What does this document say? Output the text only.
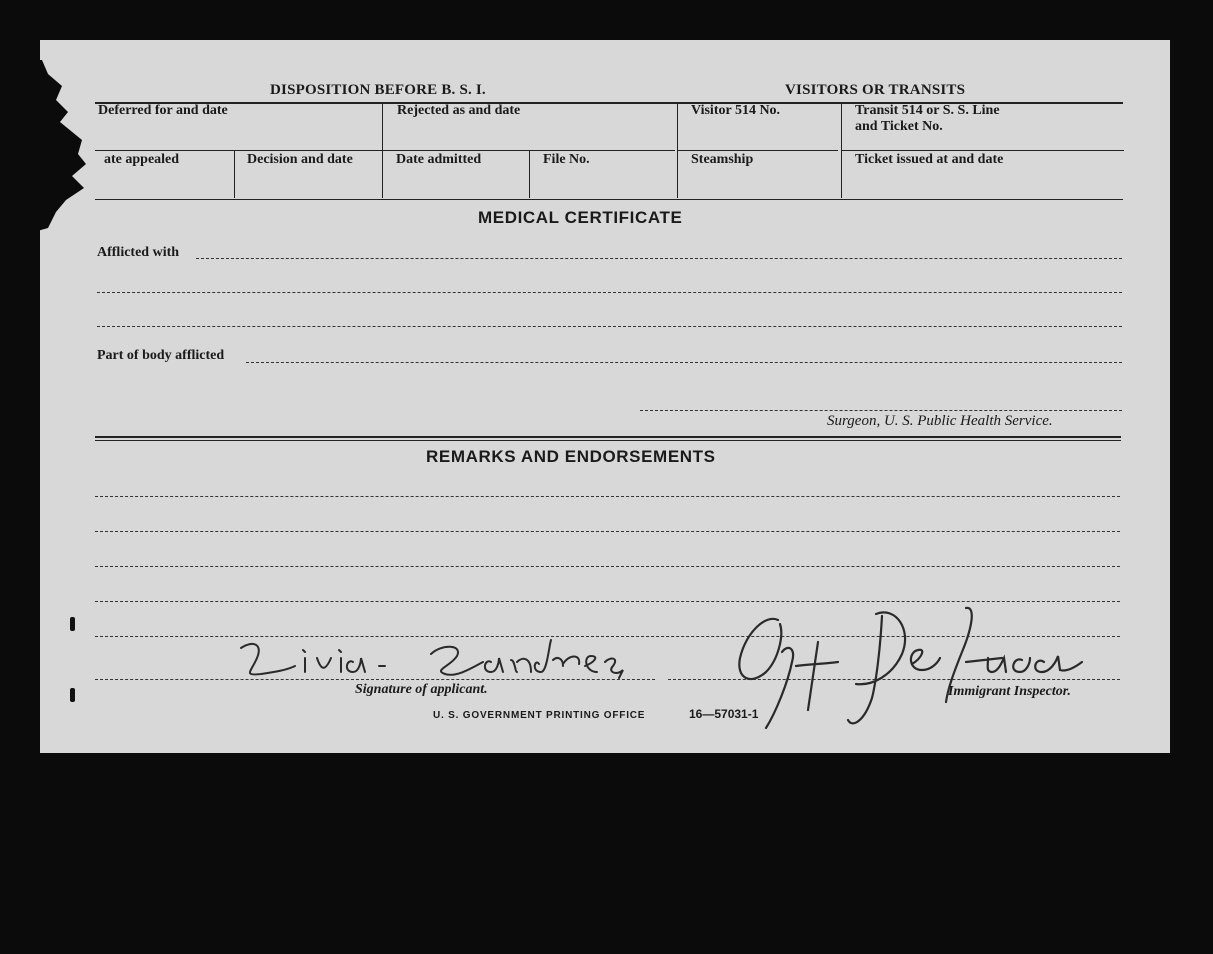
DISPOSITION BEFORE B. S. I.	VISITORS OR TRANSITS
Deferred for and date	Rejected as and date	Visitor 514 No.	Transit 514 or S. S. Line
and Ticket No.
ate appealed	Decision and date	Date admitted	File No.	Steamship	Ticket issued at and date
MEDICAL CERTIFICATE
Afflicted with
Part of body afflicted
Surgeon, U. S. Public Health Service.
REMARKS AND ENDORSEMENTS
Signature of applicant.	Immigrant Inspector.
U. S. GOVERNMENT PRINTING OFFICE	16—57031-1
